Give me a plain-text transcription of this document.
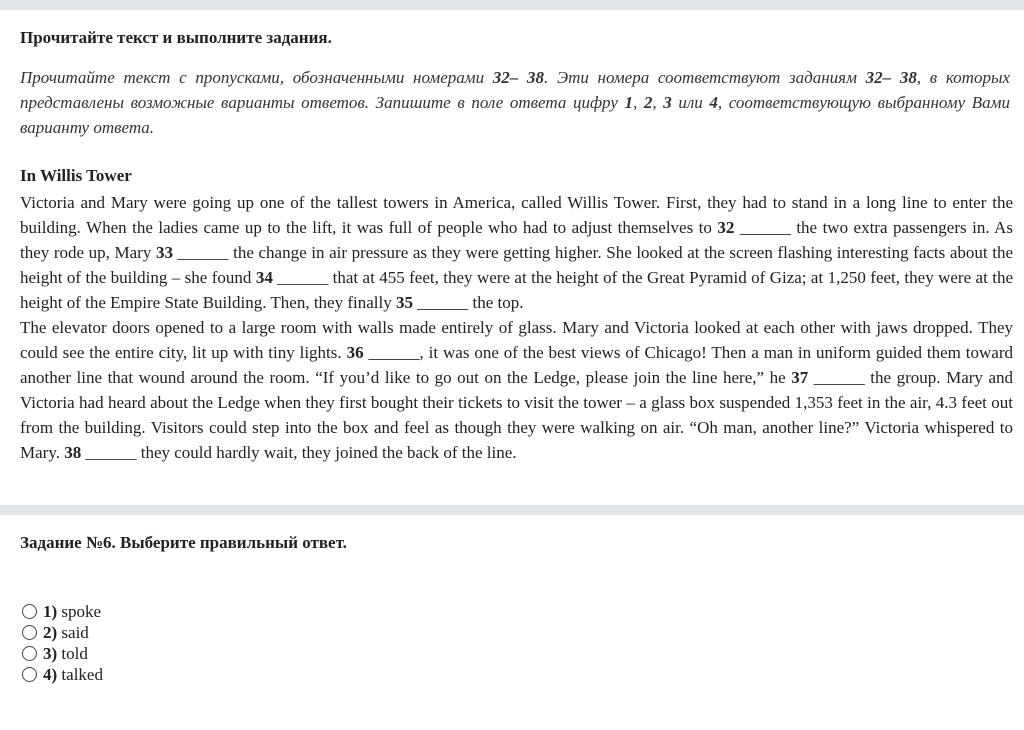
Прочитайте текст и выполните задания.
Прочитайте текст с пропусками, обозначенными номерами 32– 38. Эти номера соответствуют заданиям 32– 38, в которых представлены возможные варианты ответов. Запишите в поле ответа цифру 1, 2, 3 или 4, соответствующую выбранному Вами варианту ответа.
In Willis Tower

Victoria and Mary were going up one of the tallest towers in America, called Willis Tower. First, they had to stand in a long line to enter the building. When the ladies came up to the lift, it was full of people who had to adjust themselves to 32 ______ the two extra passengers in. As they rode up, Mary 33 ______ the change in air pressure as they were getting higher. She looked at the screen flashing interesting facts about the height of the building – she found 34 ______ that at 455 feet, they were at the height of the Great Pyramid of Giza; at 1,250 feet, they were at the height of the Empire State Building. Then, they finally 35 ______ the top.

The elevator doors opened to a large room with walls made entirely of glass. Mary and Victoria looked at each other with jaws dropped. They could see the entire city, lit up with tiny lights. 36 ______, it was one of the best views of Chicago! Then a man in uniform guided them toward another line that wound around the room. “If you’d like to go out on the Ledge, please join the line here,” he 37 ______ the group. Mary and Victoria had heard about the Ledge when they first bought their tickets to visit the tower – a glass box suspended 1,353 feet in the air, 4.3 feet out from the building. Visitors could step into the box and feel as though they were walking on air. “Oh man, another line?” Victoria whispered to Mary. 38 ______ they could hardly wait, they joined the back of the line.

Задание №6. Выберите правильный ответ.
1)
spoke
2)
said
3)
told
4)
talked
